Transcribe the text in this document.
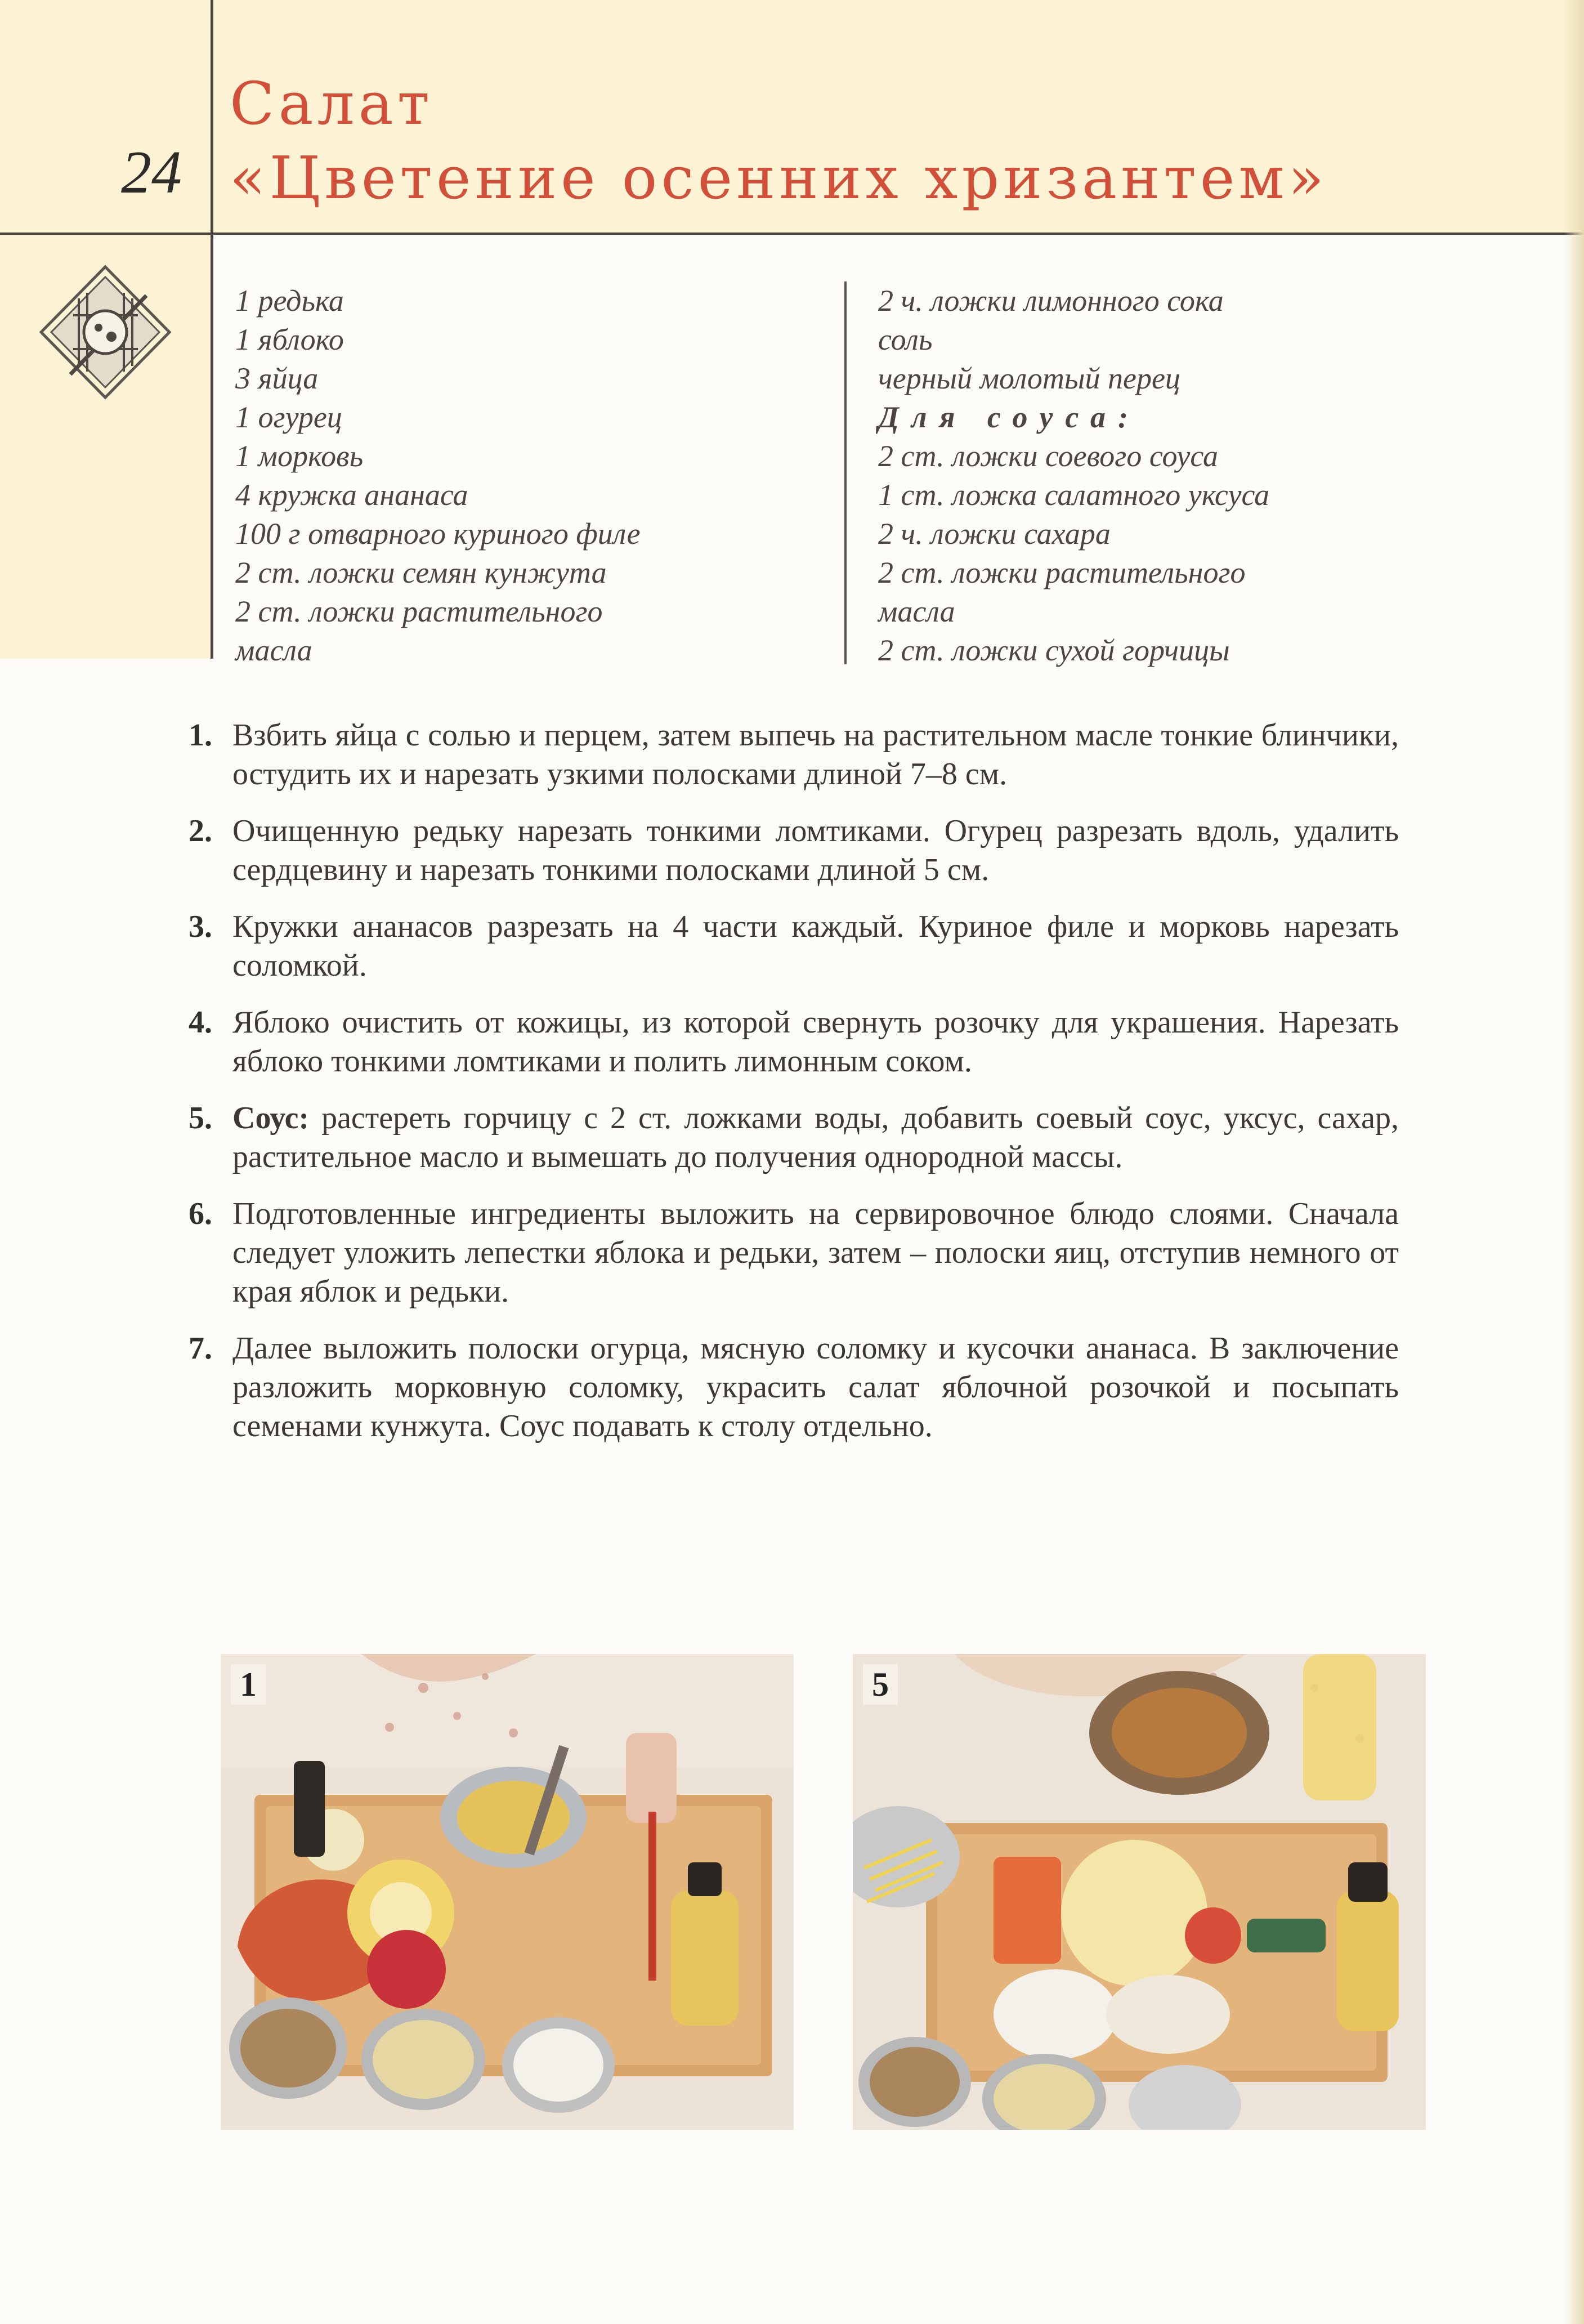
24
Салат
«Цветение осенних хризантем»
1 редька
1 яблоко
3 яйца
1 огурец
1 морковь
4 кружка ананаса
100 г отварного куриного филе
2 ст. ложки семян кунжута
2 ст. ложки растительного
масла
2 ч. ложки лимонного сока
соль
черный молотый перец
Для соуса:
2 ст. ложки соевого соуса
1 ст. ложка салатного уксуса
2 ч. ложки сахара
2 ст. ложки растительного
масла
2 ст. ложки сухой горчицы
1. Взбить яйца с солью и перцем, затем выпечь на растительном масле тонкие блинчики, остудить их и нарезать узкими полосками длиной 7–8 см.
2. Очищенную редьку нарезать тонкими ломтиками. Огурец разрезать вдоль, удалить сердцевину и нарезать тонкими полосками длиной 5 см.
3. Кружки ананасов разрезать на 4 части каждый. Куриное филе и морковь нарезать соломкой.
4. Яблоко очистить от кожицы, из которой свернуть розочку для украшения. Нарезать яблоко тонкими ломтиками и полить лимонным соком.
5. Соус: растереть горчицу с 2 ст. ложками воды, добавить соевый соус, уксус, сахар, растительное масло и вымешать до получения однородной массы.
6. Подготовленные ингредиенты выложить на сервировочное блюдо слоями. Сначала следует уложить лепестки яблока и редьки, затем – полоски яиц, отступив немного от края яблок и редьки.
7. Далее выложить полоски огурца, мясную соломку и кусочки ананаса. В заключение разложить морковную соломку, украсить салат яблочной розочкой и посыпать семенами кунжута. Соус подавать к столу отдельно.
1	5
